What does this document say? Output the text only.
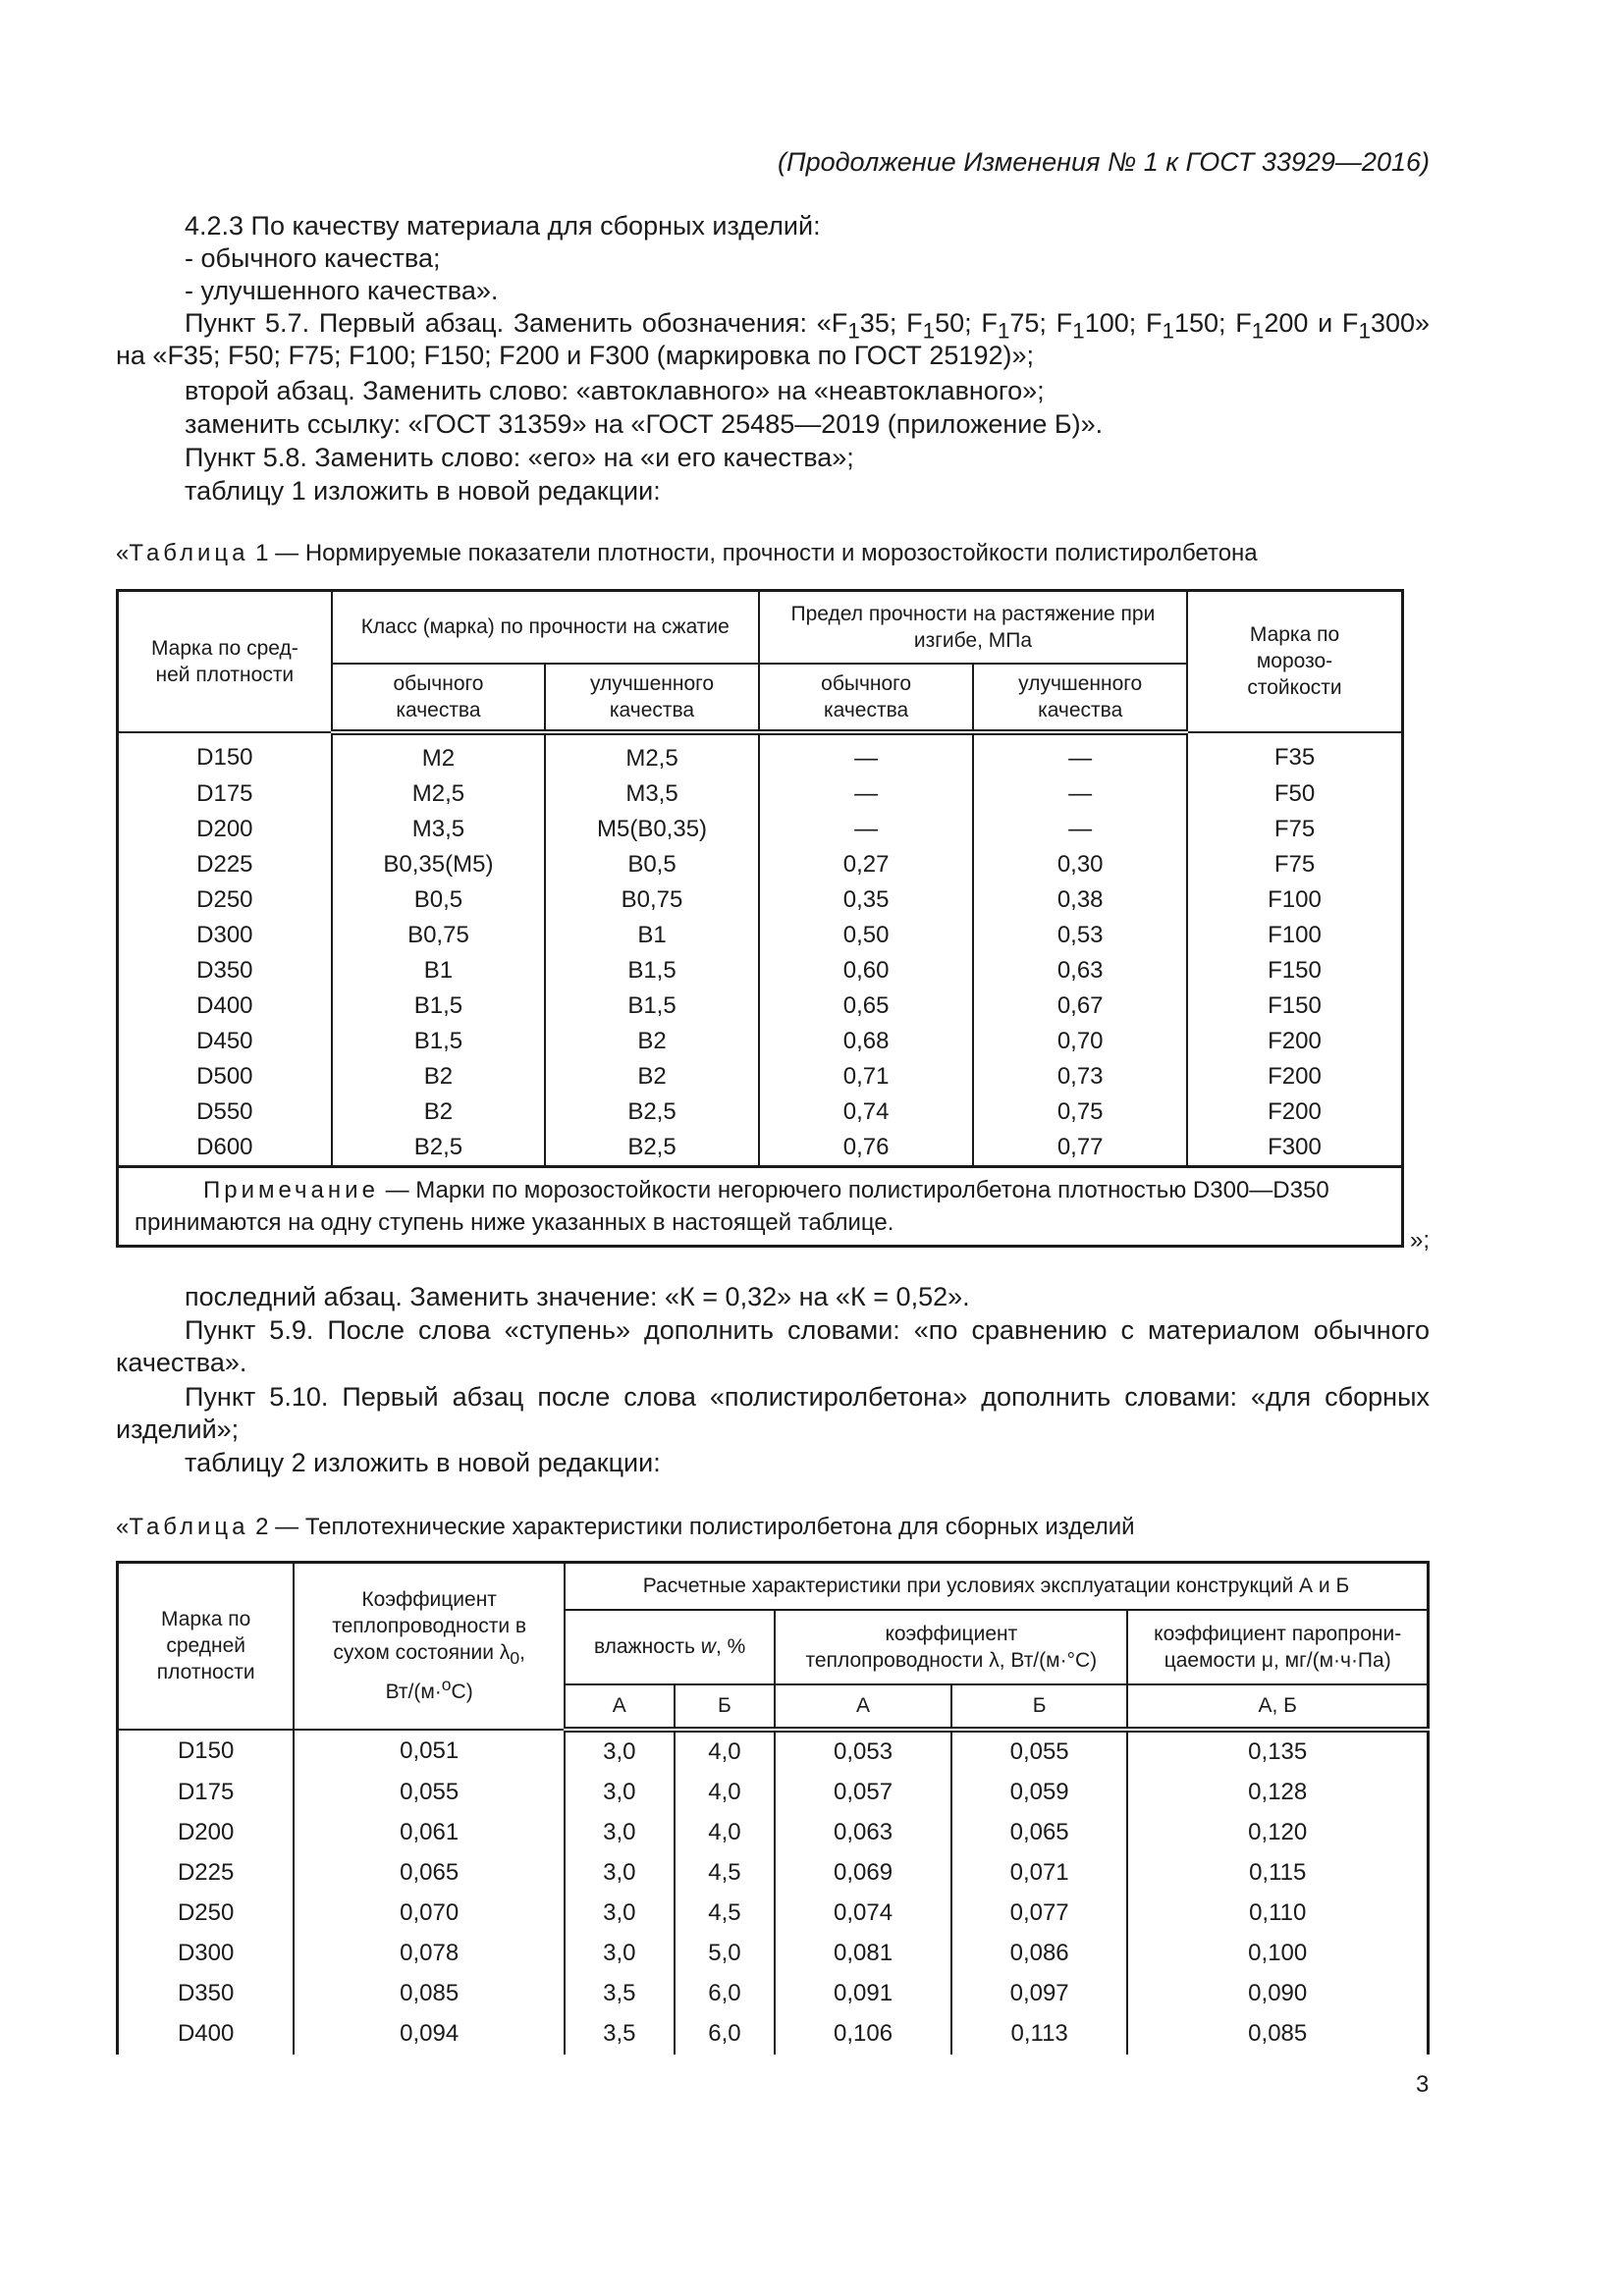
(Продолжение Изменения № 1 к ГОСТ 33929—2016)
4.2.3 По качеству материала для сборных изделий:
- обычного качества;
- улучшенного качества».
Пункт 5.7. Первый абзац. Заменить обозначения: «$F_135$; $F_150$; $F_175$; $F_1100$; $F_1150$; $F_1200$ и $F_1300$»
на «F35; F50; F75; F100; F150; F200 и F300 (маркировка по ГОСТ 25192)»;
второй абзац. Заменить слово: «автоклавного» на «неавтоклавного»;
заменить ссылку: «ГОСТ 31359» на «ГОСТ 25485—2019 (приложение Б)».
Пункт 5.8. Заменить слово: «его» на «и его качества»;
таблицу 1 изложить в новой редакции:
«Таблица 1 — Нормируемые показатели плотности, прочности и морозостойкости полистиролбетона
Марка по сред- ней плотности	Класс (марка) по прочности на сжатие		Предел прочности на растяжение при изгибе, МПа		Марка по морозо- стойкости
	обычного качества	улучшенного качества	обычного качества	улучшенного качества	
D150	M2	M2,5	—	—	F35
D175	M2,5	M3,5	—	—	F50
D200	M3,5	M5(B0,35)	—	—	F75
D225	B0,35(M5)	B0,5	0,27	0,30	F75
D250	B0,5	B0,75	0,35	0,38	F100
D300	B0,75	B1	0,50	0,53	F100
D350	B1	B1,5	0,60	0,63	F150
D400	B1,5	B1,5	0,65	0,67	F150
D450	B1,5	B2	0,68	0,70	F200
D500	B2	B2	0,71	0,73	F200
D550	B2	B2,5	0,74	0,75	F200
D600	B2,5	B2,5	0,76	0,77	F300
Примечание — Марки по морозостойкости негорючего полистиролбетона плотностью D300—D350 принимаются на одну ступень ниже указанных в настоящей таблице.					
»;
последний абзац. Заменить значение: «К = 0,32» на «К = 0,52».
Пункт 5.9. После слова «ступень» дополнить словами: «по сравнению с материалом обычного
качества».
Пункт 5.10. Первый абзац после слова «полистиролбетона» дополнить словами: «для сборных
изделий»;
таблицу 2 изложить в новой редакции:
«Таблица 2 — Теплотехнические характеристики полистиролбетона для сборных изделий
Марка по средней плотности	Коэффициент теплопроводности в сухом состоянии $\lambda_0$, Вт/(м·$^о$С)	Расчетные характеристики при условиях эксплуатации конструкций А и Б				
		влажность w, %		коэффициент теплопроводности λ, Вт/(м·°С)		коэффициент паропрони- цаемости μ, мг/(м·ч·Па)
		А	Б	А	Б	А, Б
D150	0,051	3,0	4,0	0,053	0,055	0,135
D175	0,055	3,0	4,0	0,057	0,059	0,128
D200	0,061	3,0	4,0	0,063	0,065	0,120
D225	0,065	3,0	4,5	0,069	0,071	0,115
D250	0,070	3,0	4,5	0,074	0,077	0,110
D300	0,078	3,0	5,0	0,081	0,086	0,100
D350	0,085	3,5	6,0	0,091	0,097	0,090
D400	0,094	3,5	6,0	0,106	0,113	0,085
3
